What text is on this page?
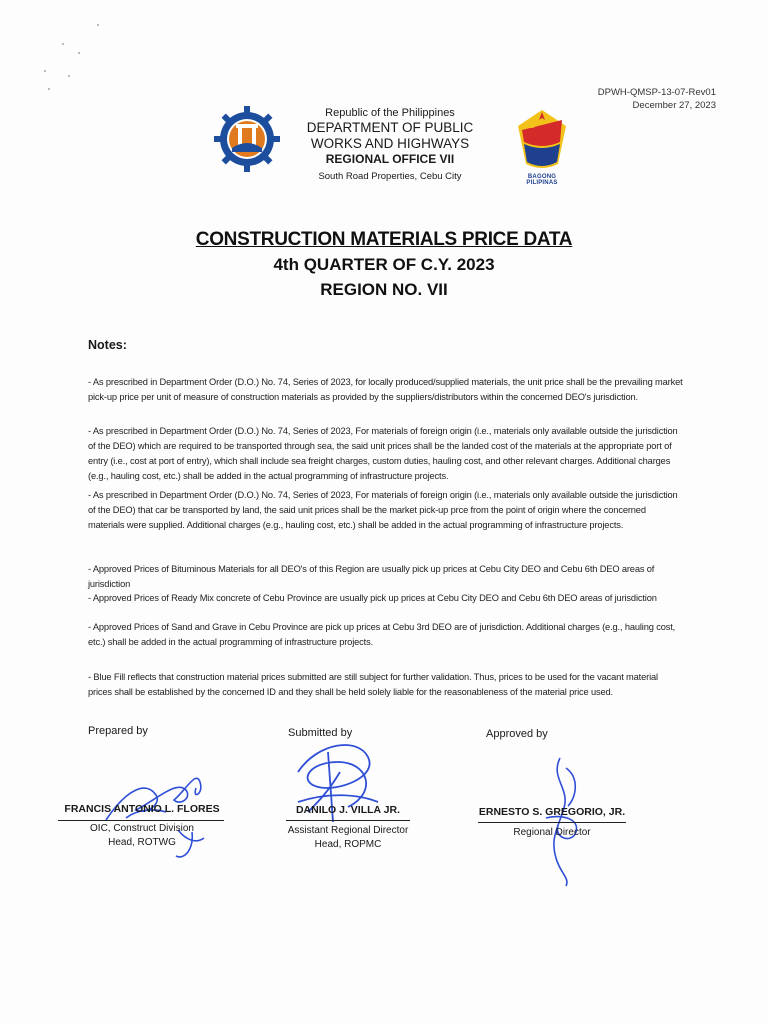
DPWH-QMSP-13-07-Rev01
December 27, 2023
Republic of the Philippines
DEPARTMENT OF PUBLIC WORKS AND HIGHWAYS
REGIONAL OFFICE VII
South Road Properties, Cebu City	BAGONG PILIPINAS
CONSTRUCTION MATERIALS PRICE DATA
4th QUARTER OF C.Y. 2023
REGION NO. VII
Notes:
- As prescribed in Department Order (D.O.) No. 74, Series of 2023, for locally produced/supplied materials, the unit price shall be the prevailing market pick-up price per unit of measure of construction materials as provided by the suppliers/distributors within the concerned DEO's jurisdiction.
- As prescribed in Department Order (D.O.) No. 74, Series of 2023, For materials of foreign origin (i.e., materials only available outside the jurisdiction of the DEO) which are required to be transported through sea, the said unit prices shall be the landed cost of the materials at the appropriate port of entry (i.e., cost at port of entry), which shall include sea freight charges, custom duties, hauling cost, and other relevant charges. Additional charges (e.g., hauling cost, etc.) shall be added in the actual programming of infrastructure projects.
- As prescribed in Department Order (D.O.) No. 74, Series of 2023, For materials of foreign origin (i.e., materials only available outside the jurisdiction of the DEO) that car be transported by land, the said unit prices shall be the market pick-up prce from the point of origin where the concerned materials were supplied. Additional charges (e.g., hauling cost, etc.) shall be added in the actual programming of infrastructure projects.
- Approved Prices of Bituminous Materials for all DEO's of this Region are usually pick up prices at Cebu City DEO and Cebu 6th DEO areas of jurisdiction
- Approved Prices of Ready Mix concrete of Cebu Province are usually pick up prices at Cebu City DEO and Cebu 6th DEO areas of jurisdiction
- Approved Prices of Sand and Grave in Cebu Province are pick up prices at Cebu 3rd DEO are of jurisdiction. Additional charges (e.g., hauling cost, etc.) shall be added in the actual programming of infrastructure projects.
- Blue Fill reflects that construction material prices submitted are still subject for further validation. Thus, prices to be used for the vacant material prices shall be established by the concerned ID and they shall be held solely liable for the reasonableness of the material price used.
Prepared by	Submitted by	Approved by
FRANCIS ANTONIO L. FLORES
OIC, Construct Division
Head, ROTWG
DANILO J. VILLA JR.
Assistant Regional Director
Head, ROPMC
ERNESTO S. GREGORIO, JR.
Regional Director
